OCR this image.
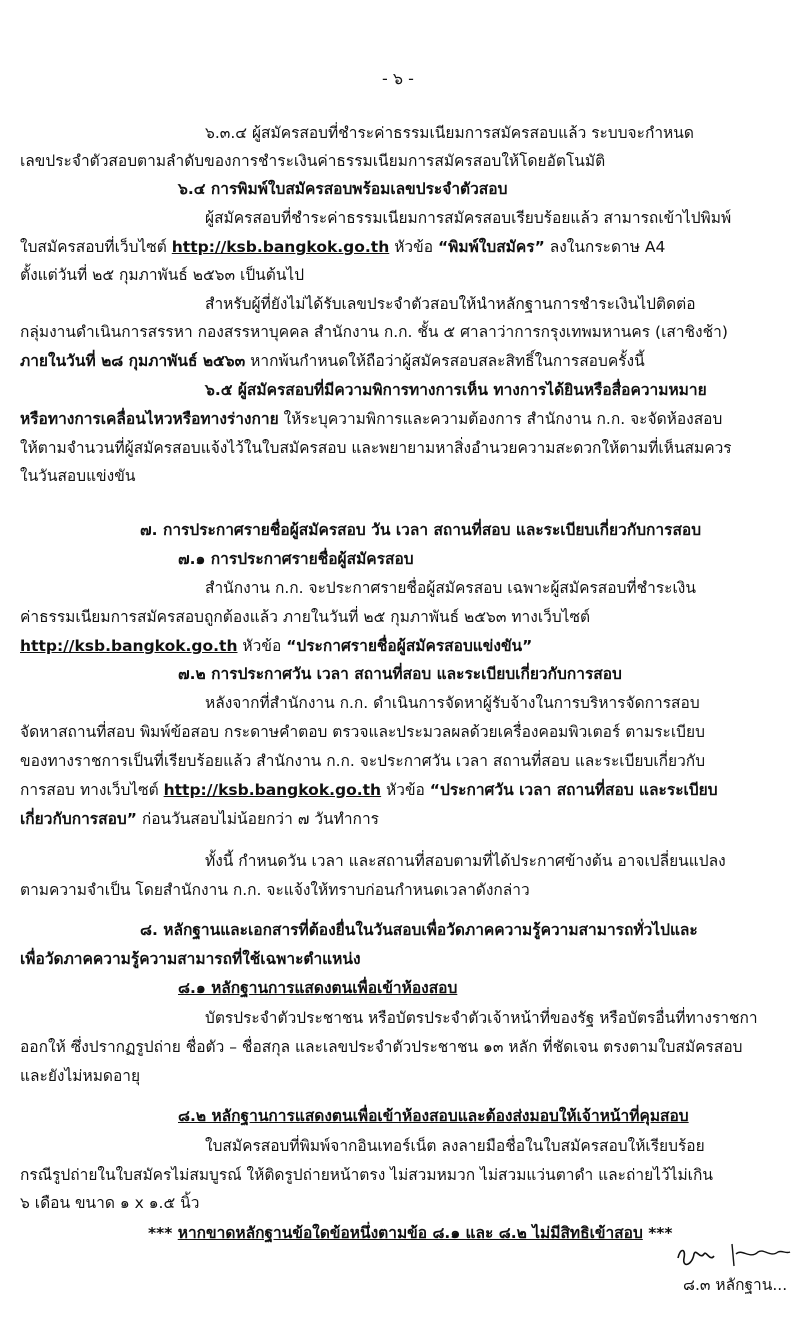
- ๖ -
๖.๓.๔ ผู้สมัครสอบที่ชำระค่าธรรมเนียมการสมัครสอบแล้ว ระบบจะกำหนด
เลขประจำตัวสอบตามลำดับของการชำระเงินค่าธรรมเนียมการสมัครสอบให้โดยอัตโนมัติ
๖.๔ การพิมพ์ใบสมัครสอบพร้อมเลขประจำตัวสอบ
ผู้สมัครสอบที่ชำระค่าธรรมเนียมการสมัครสอบเรียบร้อยแล้ว สามารถเข้าไปพิมพ์
ใบสมัครสอบที่เว็บไซต์ http://ksb.bangkok.go.th หัวข้อ “พิมพ์ใบสมัคร” ลงในกระดาษ A4
ตั้งแต่วันที่ ๒๕ กุมภาพันธ์ ๒๕๖๓ เป็นต้นไป
สำหรับผู้ที่ยังไม่ได้รับเลขประจำตัวสอบให้นำหลักฐานการชำระเงินไปติดต่อ
กลุ่มงานดำเนินการสรรหา กองสรรหาบุคคล สำนักงาน ก.ก. ชั้น ๕ ศาลาว่าการกรุงเทพมหานคร (เสาชิงช้า)
ภายในวันที่ ๒๘ กุมภาพันธ์ ๒๕๖๓ หากพ้นกำหนดให้ถือว่าผู้สมัครสอบสละสิทธิ์ในการสอบครั้งนี้
๖.๕ ผู้สมัครสอบที่มีความพิการทางการเห็น ทางการได้ยินหรือสื่อความหมาย
หรือทางการเคลื่อนไหวหรือทางร่างกาย ให้ระบุความพิการและความต้องการ สำนักงาน ก.ก. จะจัดห้องสอบ
ให้ตามจำนวนที่ผู้สมัครสอบแจ้งไว้ในใบสมัครสอบ และพยายามหาสิ่งอำนวยความสะดวกให้ตามที่เห็นสมควร
ในวันสอบแข่งขัน
๗. การประกาศรายชื่อผู้สมัครสอบ วัน เวลา สถานที่สอบ และระเบียบเกี่ยวกับการสอบ
๗.๑ การประกาศรายชื่อผู้สมัครสอบ
สำนักงาน ก.ก. จะประกาศรายชื่อผู้สมัครสอบ เฉพาะผู้สมัครสอบที่ชำระเงิน
ค่าธรรมเนียมการสมัครสอบถูกต้องแล้ว ภายในวันที่ ๒๕ กุมภาพันธ์ ๒๕๖๓ ทางเว็บไซต์
http://ksb.bangkok.go.th หัวข้อ “ประกาศรายชื่อผู้สมัครสอบแข่งขัน”
๗.๒ การประกาศวัน เวลา สถานที่สอบ และระเบียบเกี่ยวกับการสอบ
หลังจากที่สำนักงาน ก.ก. ดำเนินการจัดหาผู้รับจ้างในการบริหารจัดการสอบ
จัดหาสถานที่สอบ พิมพ์ข้อสอบ กระดาษคำตอบ ตรวจและประมวลผลด้วยเครื่องคอมพิวเตอร์ ตามระเบียบ
ของทางราชการเป็นที่เรียบร้อยแล้ว สำนักงาน ก.ก. จะประกาศวัน เวลา สถานที่สอบ และระเบียบเกี่ยวกับ
การสอบ ทางเว็บไซต์ http://ksb.bangkok.go.th หัวข้อ “ประกาศวัน เวลา สถานที่สอบ และระเบียบ
เกี่ยวกับการสอบ” ก่อนวันสอบไม่น้อยกว่า ๗ วันทำการ
ทั้งนี้ กำหนดวัน เวลา และสถานที่สอบตามที่ได้ประกาศข้างต้น อาจเปลี่ยนแปลง
ตามความจำเป็น โดยสำนักงาน ก.ก. จะแจ้งให้ทราบก่อนกำหนดเวลาดังกล่าว
๘. หลักฐานและเอกสารที่ต้องยื่นในวันสอบเพื่อวัดภาคความรู้ความสามารถทั่วไปและ
เพื่อวัดภาคความรู้ความสามารถที่ใช้เฉพาะตำแหน่ง
๘.๑ หลักฐานการแสดงตนเพื่อเข้าห้องสอบ
บัตรประจำตัวประชาชน หรือบัตรประจำตัวเจ้าหน้าที่ของรัฐ หรือบัตรอื่นที่ทางราชกา
ออกให้ ซึ่งปรากฏรูปถ่าย ชื่อตัว – ชื่อสกุล และเลขประจำตัวประชาชน ๑๓ หลัก ที่ชัดเจน ตรงตามใบสมัครสอบ
และยังไม่หมดอายุ
๘.๒ หลักฐานการแสดงตนเพื่อเข้าห้องสอบและต้องส่งมอบให้เจ้าหน้าที่คุมสอบ
ใบสมัครสอบที่พิมพ์จากอินเทอร์เน็ต ลงลายมือชื่อในใบสมัครสอบให้เรียบร้อย
กรณีรูปถ่ายในใบสมัครไม่สมบูรณ์ ให้ติดรูปถ่ายหน้าตรง ไม่สวมหมวก ไม่สวมแว่นตาดำ และถ่ายไว้ไม่เกิน
๖ เดือน ขนาด ๑ x ๑.๕ นิ้ว
*** หากขาดหลักฐานข้อใดข้อหนึ่งตามข้อ ๘.๑ และ ๘.๒ ไม่มีสิทธิเข้าสอบ ***
๘.๓ หลักฐาน...
